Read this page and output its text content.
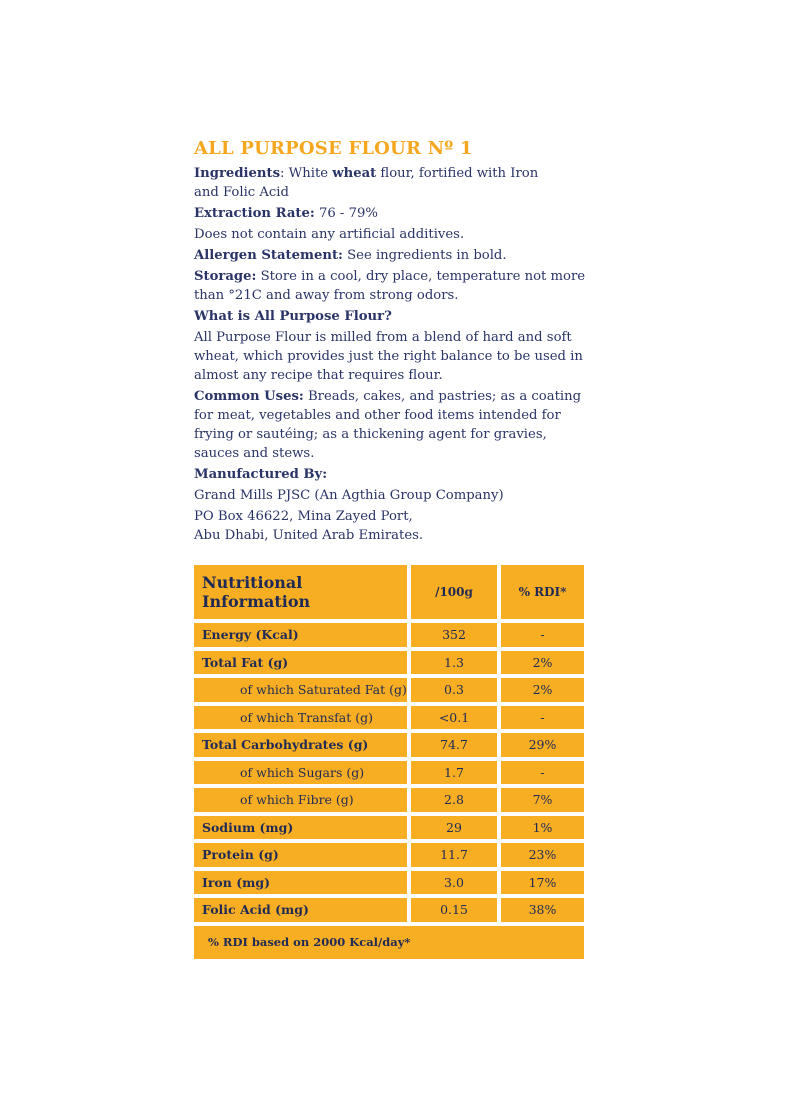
ALL PURPOSE FLOUR Nº 1
Ingredients: White wheat flour, fortified with Iron
and Folic Acid
Extraction Rate: 76 - 79%
Does not contain any artificial additives.
Allergen Statement: See ingredients in bold.
Storage: Store in a cool, dry place, temperature not more
than °21C and away from strong odors.
What is All Purpose Flour?
All Purpose Flour is milled from a blend of hard and soft
wheat, which provides just the right balance to be used in
almost any recipe that requires flour.
Common Uses: Breads, cakes, and pastries; as a coating
for meat, vegetables and other food items intended for
frying or sautéing; as a thickening agent for gravies,
sauces and stews.
Manufactured By:
Grand Mills PJSC (An Agthia Group Company)
PO Box 46622, Mina Zayed Port,
Abu Dhabi, United Arab Emirates.
Nutritional Information	/100g	% RDI*
Energy (Kcal)	352	-
Total Fat (g)	1.3	2%
of which Saturated Fat (g)	0.3	2%
of which Transfat (g)	<0.1	-
Total Carbohydrates (g)	74.7	29%
of which Sugars (g)	1.7	-
of which Fibre (g)	2.8	7%
Sodium (mg)	29	1%
Protein (g)	11.7	23%
Iron (mg)	3.0	17%
Folic Acid (mg)	0.15	38%
% RDI based on 2000 Kcal/day*
